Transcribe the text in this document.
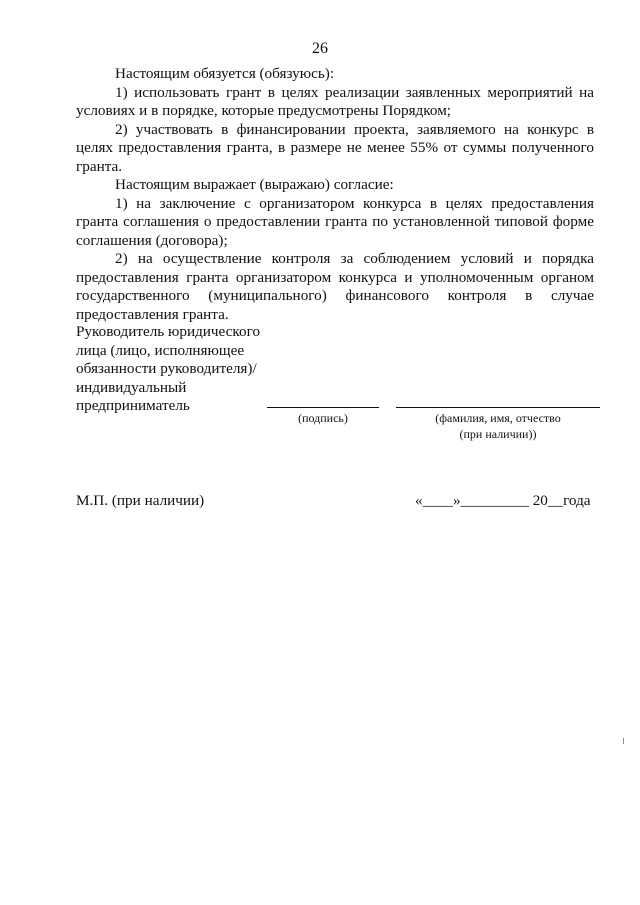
26

Настоящим обязуется (обязуюсь):

1) использовать грант в целях реализации заявленных мероприятий на условиях и в порядке, которые предусмотрены Порядком;

2) участвовать в финансировании проекта, заявляемого на конкурс в целях предоставления гранта, в размере не менее 55% от суммы полученного гранта.

Настоящим выражает (выражаю) согласие:

1) на заключение с организатором конкурса в целях предоставления гранта соглашения о предоставлении гранта по установленной типовой форме соглашения (договора);

2) на осуществление контроля за соблюдением условий и порядка предоставления гранта организатором конкурса и уполномоченным органом государственного (муниципального) финансового контроля в случае предоставления гранта.

Руководитель юридического
лица (лицо, исполняющее
обязанности руководителя)/
индивидуальный
предприниматель
(подпись)	(фамилия, имя, отчество
(при наличии))
М.П. (при наличии)	«____»_________ 20__года
